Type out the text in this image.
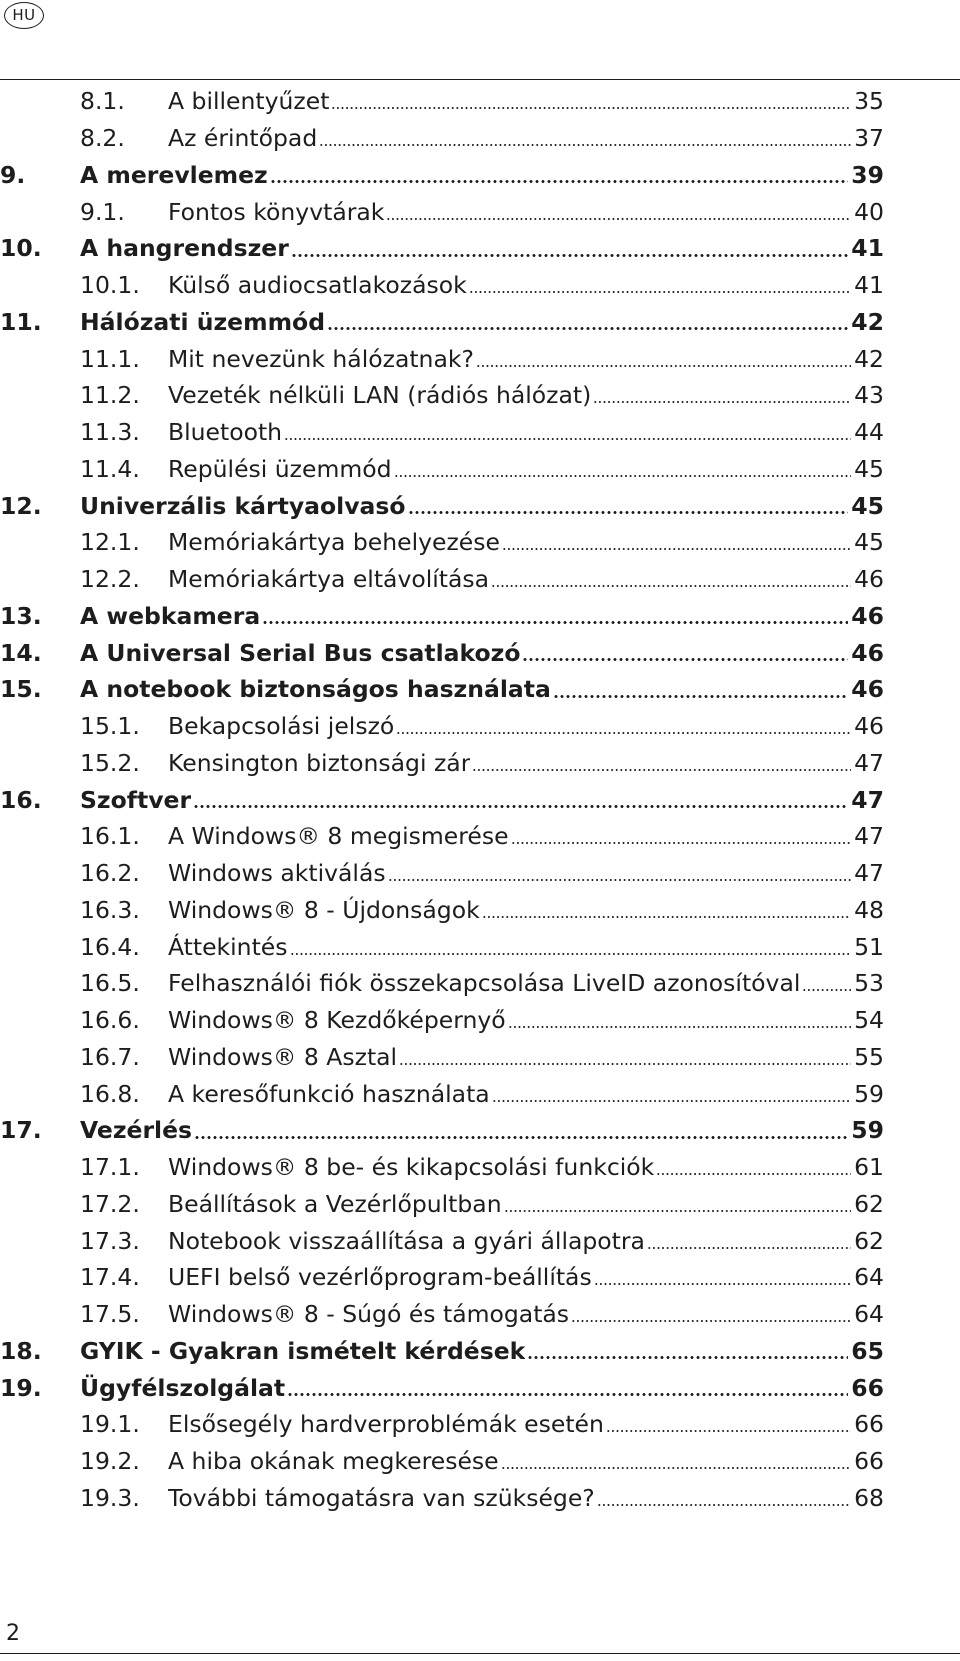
HU
8.1.	A billentyűzet	35
8.2.	Az érintőpad	37
9.	A merevlemez	39
9.1.	Fontos könyvtárak	40
10.	A hangrendszer	41
10.1.	Külső audiocsatlakozások	41
11.	Hálózati üzemmód	42
11.1.	Mit nevezünk hálózatnak?	42
11.2.	Vezeték nélküli LAN (rádiós hálózat)	43
11.3.	Bluetooth	44
11.4.	Repülési üzemmód	45
12.	Univerzális kártyaolvasó	45
12.1.	Memóriakártya behelyezése	45
12.2.	Memóriakártya eltávolítása	46
13.	A webkamera	46
14.	A Universal Serial Bus csatlakozó	46
15.	A notebook biztonságos használata	46
15.1.	Bekapcsolási jelszó	46
15.2.	Kensington biztonsági zár	47
16.	Szoftver	47
16.1.	A Windows® 8 megismerése	47
16.2.	Windows aktiválás	47
16.3.	Windows® 8 - Újdonságok	48
16.4.	Áttekintés	51
16.5.	Felhasználói fiók összekapcsolása LiveID azonosítóval 53
16.6.	Windows® 8 Kezdőképernyő	54
16.7.	Windows® 8 Asztal	55
16.8.	A keresőfunkció használata	59
17.	Vezérlés	59
17.1.	Windows® 8 be- és kikapcsolási funkciók	61
17.2.	Beállítások a Vezérlőpultban	62
17.3.	Notebook visszaállítása a gyári állapotra	62
17.4.	UEFI belső vezérlőprogram-beállítás	64
17.5.	Windows® 8 - Súgó és támogatás	64
18.	GYIK - Gyakran ismételt kérdések	65
19.	Ügyfélszolgálat	66
19.1.	Elsősegély hardverproblémák esetén	66
19.2.	A hiba okának megkeresése	66
19.3.	További támogatásra van szüksége?	68
2
